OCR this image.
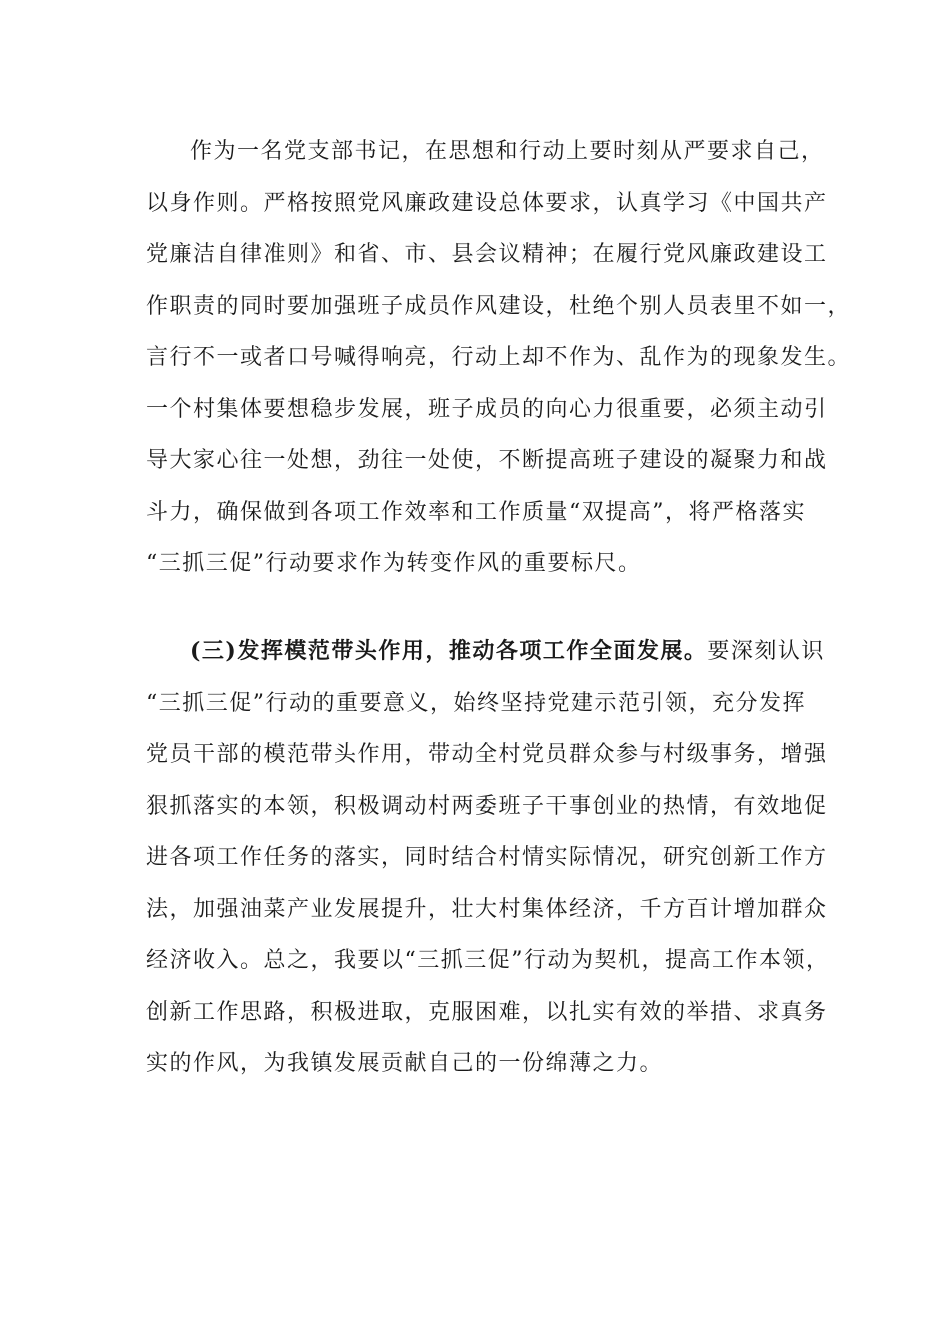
作为一名党支部书记，在思想和行动上要时刻从严要求自己，
以身作则。严格按照党风廉政建设总体要求，认真学习《中国共产
党廉洁自律准则》和省、市、县会议精神；在履行党风廉政建设工
作职责的同时要加强班子成员作风建设，杜绝个别人员表里不如一，
言行不一或者口号喊得响亮，行动上却不作为、乱作为的现象发生。
一个村集体要想稳步发展，班子成员的向心力很重要，必须主动引
导大家心往一处想，劲往一处使，不断提高班子建设的凝聚力和战
斗力，确保做到各项工作效率和工作质量“双提高”，将严格落实
“三抓三促”行动要求作为转变作风的重要标尺。
(三)发挥模范带头作用，推动各项工作全面发展。要深刻认识
“三抓三促”行动的重要意义，始终坚持党建示范引领，充分发挥
党员干部的模范带头作用，带动全村党员群众参与村级事务，增强
狠抓落实的本领，积极调动村两委班子干事创业的热情，有效地促
进各项工作任务的落实，同时结合村情实际情况，研究创新工作方
法，加强油菜产业发展提升，壮大村集体经济，千方百计增加群众
经济收入。总之，我要以“三抓三促”行动为契机，提高工作本领，
创新工作思路，积极进取，克服困难，以扎实有效的举措、求真务
实的作风，为我镇发展贡献自己的一份绵薄之力。
